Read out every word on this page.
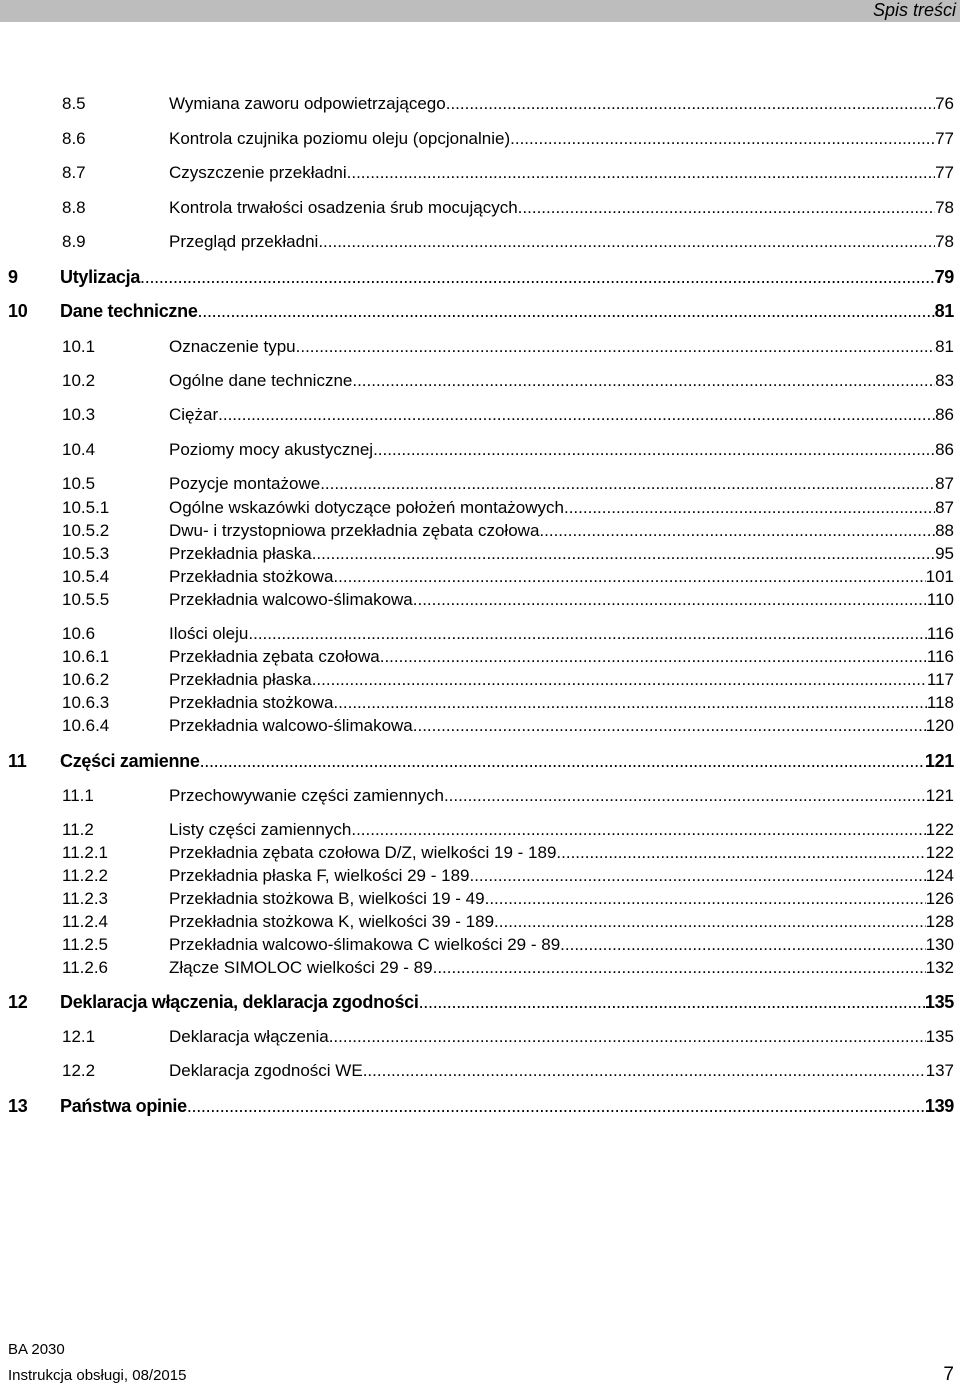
Spis treści
8.5	Wymiana zaworu odpowietrzającego .....	76
8.6	Kontrola czujnika poziomu oleju (opcjonalnie) .....	77
8.7	Czyszczenie przekładni .....	77
8.8	Kontrola trwałości osadzenia śrub mocujących .....	78
8.9	Przegląd przekładni .....	78
9 Utylizacja .....	79
10 Dane techniczne .....	81
10.1	Oznaczenie typu .....	81
10.2	Ogólne dane techniczne .....	83
10.3	Ciężar .....	86
10.4	Poziomy mocy akustycznej .....	86
10.5	Pozycje montażowe .....	87
10.5.1	Ogólne wskazówki dotyczące położeń montażowych .....	87
10.5.2	Dwu- i trzystopniowa przekładnia zębata czołowa .....	88
10.5.3	Przekładnia płaska .....	95
10.5.4	Przekładnia stożkowa .....	101
10.5.5	Przekładnia walcowo-ślimakowa .....	110
10.6	Ilości oleju .....	116
10.6.1	Przekładnia zębata czołowa .....	116
10.6.2	Przekładnia płaska .....	117
10.6.3	Przekładnia stożkowa .....	118
10.6.4	Przekładnia walcowo-ślimakowa .....	120
11 Części zamienne .....	121
11.1	Przechowywanie części zamiennych .....	121
11.2	Listy części zamiennych .....	122
11.2.1	Przekładnia zębata czołowa D/Z, wielkości 19 - 189 .....	122
11.2.2	Przekładnia płaska F, wielkości 29 - 189 .....	124
11.2.3	Przekładnia stożkowa B, wielkości 19 - 49 .....	126
11.2.4	Przekładnia stożkowa K, wielkości 39 - 189 .....	128
11.2.5	Przekładnia walcowo-ślimakowa C wielkości 29 - 89 .....	130
11.2.6	Złącze SIMOLOC wielkości 29 - 89 .....	132
12 Deklaracja włączenia, deklaracja zgodności .....	135
12.1	Deklaracja włączenia .....	135
12.2	Deklaracja zgodności WE .....	137
13 Państwa opinie .....	139
BA 2030
Instrukcja obsługi, 08/2015	7
